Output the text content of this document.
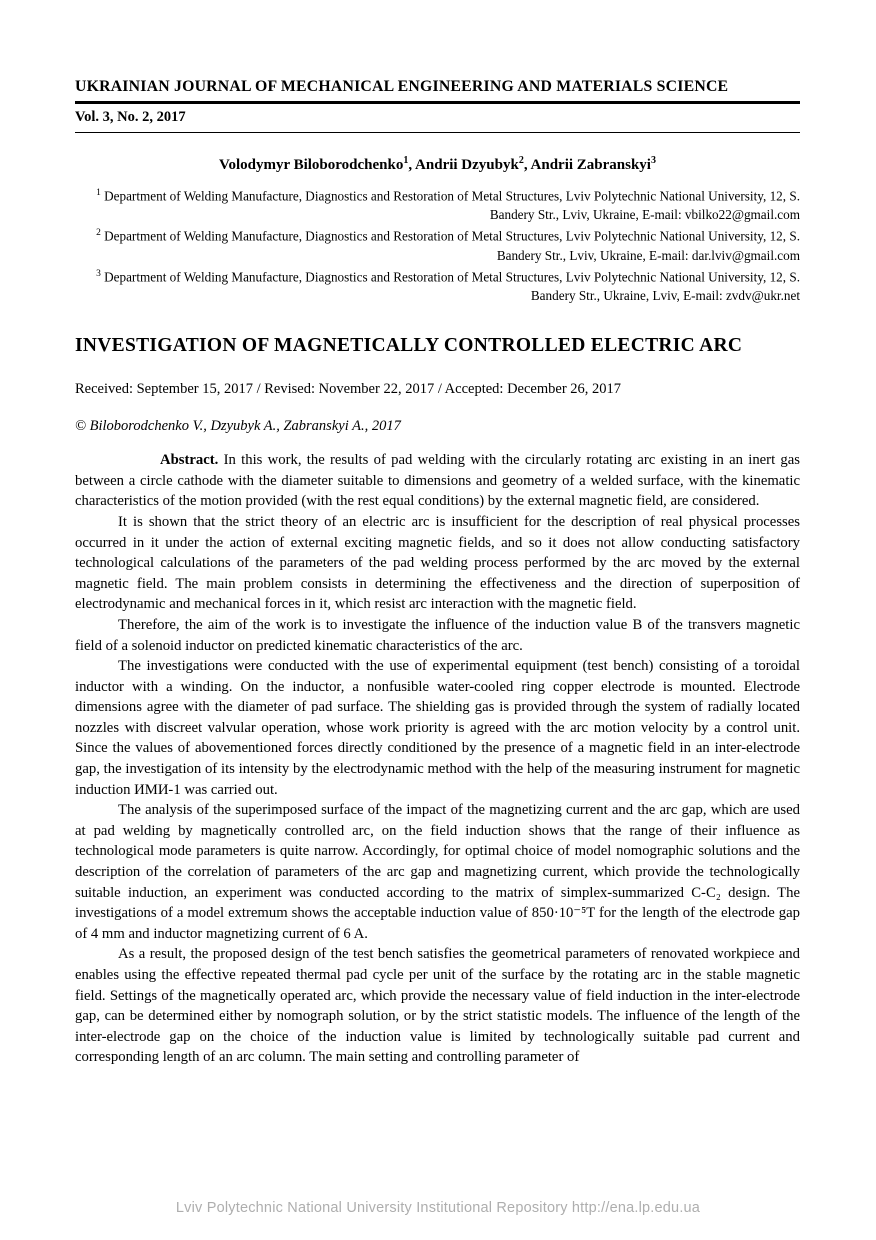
UKRAINIAN JOURNAL OF MECHANICAL ENGINEERING AND MATERIALS SCIENCE
Vol. 3, No. 2, 2017
Volodymyr Biloborodchenko$^1$, Andrii Dzyubyk$^2$, Andrii Zabranskyi$^3$

$^1$ Department of Welding Manufacture, Diagnostics and Restoration of Metal Structures, Lviv Polytechnic National University, 12, S. Bandery Str., Lviv, Ukraine, E-mail: vbilko22@gmail.com

$^2$ Department of Welding Manufacture, Diagnostics and Restoration of Metal Structures, Lviv Polytechnic National University, 12, S. Bandery Str., Lviv, Ukraine, E-mail: dar.lviv@gmail.com

$^3$ Department of Welding Manufacture, Diagnostics and Restoration of Metal Structures, Lviv Polytechnic National University, 12, S. Bandery Str., Ukraine, Lviv, E-mail: zvdv@ukr.net

INVESTIGATION OF MAGNETICALLY CONTROLLED ELECTRIC ARC
Received: September 15, 2017 / Revised: November 22, 2017 / Accepted: December 26, 2017
© Biloborodchenko V., Dzyubyk A., Zabranskyi A., 2017

Abstract. In this work, the results of pad welding with the circularly rotating arc existing in an inert gas between a circle cathode with the diameter suitable to dimensions and geometry of a welded surface, with the kinematic characteristics of the motion provided (with the rest equal conditions) by the external magnetic field, are considered.

It is shown that the strict theory of an electric arc is insufficient for the description of real physical processes occurred in it under the action of external exciting magnetic fields, and so it does not allow conducting satisfactory technological calculations of the parameters of the pad welding process performed by the arc moved by the external magnetic field. The main problem consists in determining the effectiveness and the direction of superposition of electrodynamic and mechanical forces in it, which resist arc interaction with the magnetic field.

Therefore, the aim of the work is to investigate the influence of the induction value B of the transvers magnetic field of a solenoid inductor on predicted kinematic characteristics of the arc.

The investigations were conducted with the use of experimental equipment (test bench) consisting of a toroidal inductor with a winding. On the inductor, a nonfusible water-cooled ring copper electrode is mounted. Electrode dimensions agree with the diameter of pad surface. The shielding gas is provided through the system of radially located nozzles with discreet valvular operation, whose work priority is agreed with the arc motion velocity by a control unit. Since the values of abovementioned forces directly conditioned by the presence of a magnetic field in an inter-electrode gap, the investigation of its intensity by the electrodynamic method with the help of the measuring instrument for magnetic induction ИМИ-1 was carried out.

The analysis of the superimposed surface of the impact of the magnetizing current and the arc gap, which are used at pad welding by magnetically controlled arc, on the field induction shows that the range of their influence as technological mode parameters is quite narrow. Accordingly, for optimal choice of model nomographic solutions and the description of the correlation of parameters of the arc gap and magnetizing current, which provide the technologically suitable induction, an experiment was conducted according to the matrix of simplex-summarized C-C₂ design. The investigations of a model extremum shows the acceptable induction value of 850·10⁻⁵T for the length of the electrode gap of 4 mm and inductor magnetizing current of 6 A.

As a result, the proposed design of the test bench satisfies the geometrical parameters of renovated workpiece and enables using the effective repeated thermal pad cycle per unit of the surface by the rotating arc in the stable magnetic field. Settings of the magnetically operated arc, which provide the necessary value of field induction in the inter-electrode gap, can be determined either by nomograph solution, or by the strict statistic models. The influence of the length of the inter-electrode gap on the choice of the induction value is limited by technologically suitable pad current and corresponding length of an arc column. The main setting and controlling parameter of

Lviv Polytechnic National University Institutional Repository http://ena.lp.edu.ua
